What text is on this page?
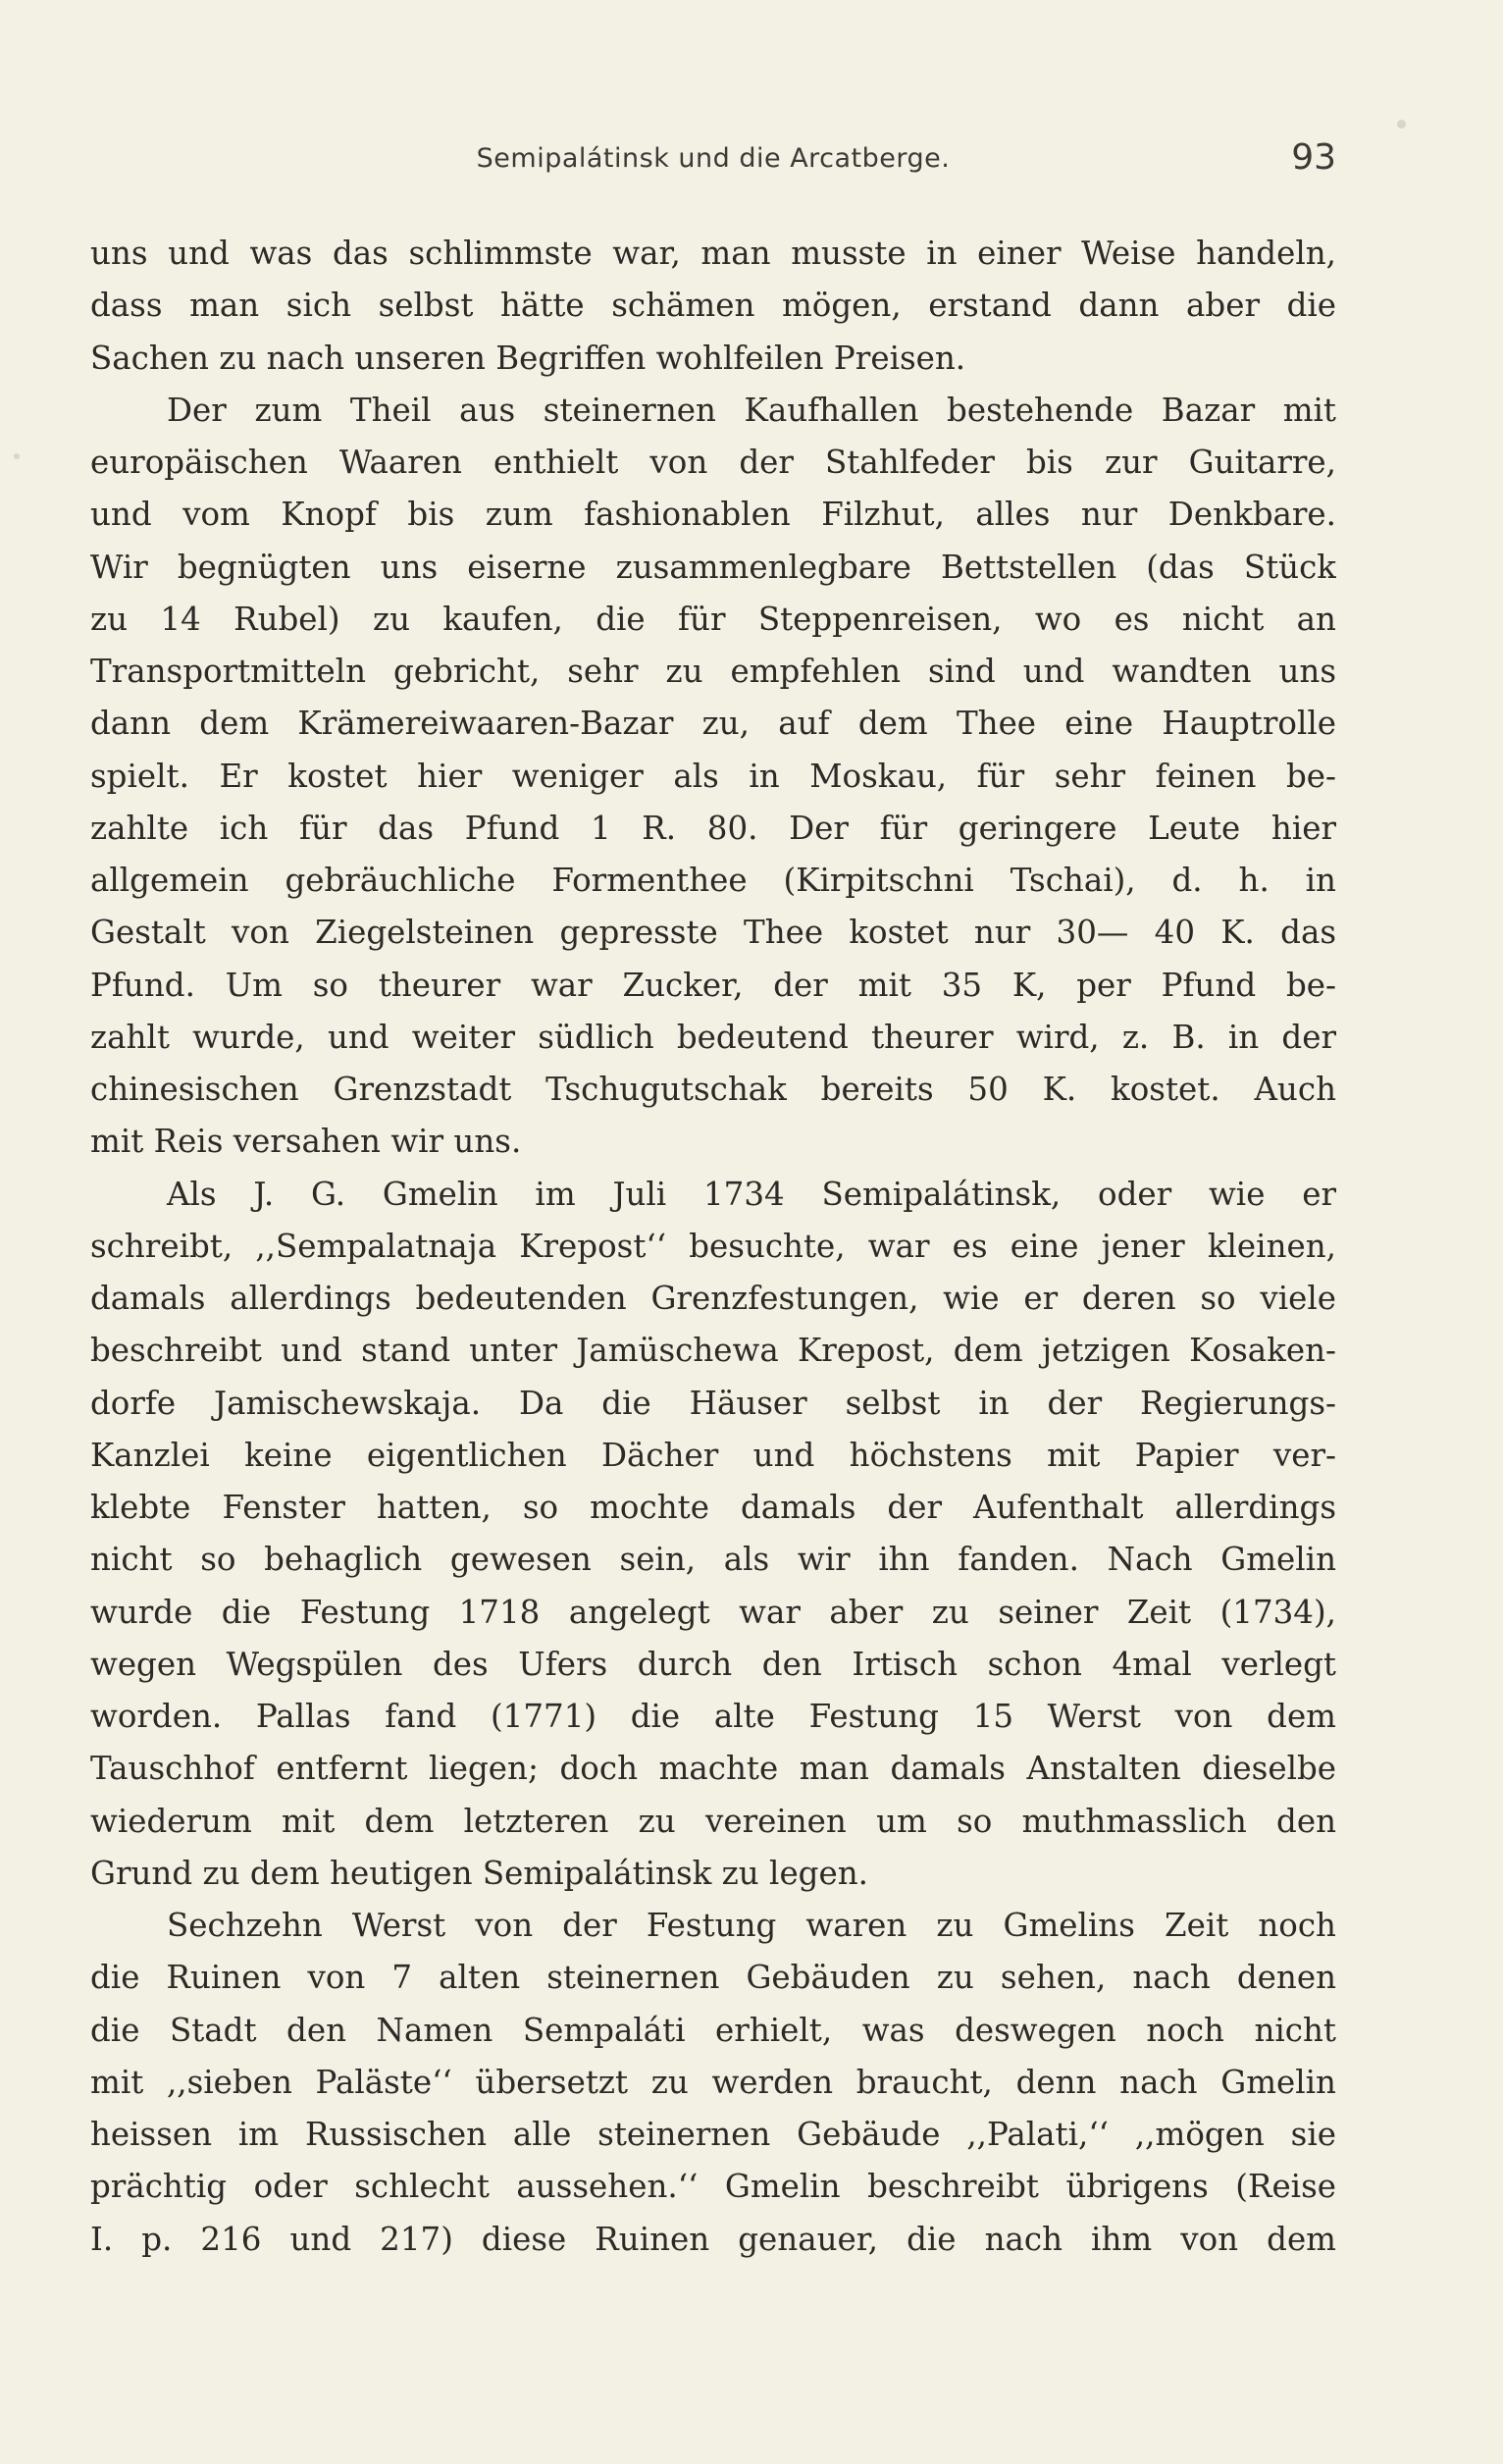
Semipalátinsk und die Arcatberge.	93
uns und was das schlimmste war, man musste in einer Weise handeln,
dass man sich selbst hätte schämen mögen, erstand dann aber die
Sachen zu nach unseren Begriffen wohlfeilen Preisen.
Der zum Theil aus steinernen Kaufhallen bestehende Bazar mit
europäischen Waaren enthielt von der Stahlfeder bis zur Guitarre,
und vom Knopf bis zum fashionablen Filzhut, alles nur Denkbare.
Wir begnügten uns eiserne zusammenlegbare Bettstellen (das Stück
zu 14 Rubel) zu kaufen, die für Steppenreisen, wo es nicht an
Transportmitteln gebricht, sehr zu empfehlen sind und wandten uns
dann dem Krämereiwaaren-Bazar zu, auf dem Thee eine Hauptrolle
spielt. Er kostet hier weniger als in Moskau, für sehr feinen be-
zahlte ich für das Pfund 1 R. 80. Der für geringere Leute hier
allgemein gebräuchliche Formenthee (Kirpitschni Tschai), d. h. in
Gestalt von Ziegelsteinen gepresste Thee kostet nur 30— 40 K. das
Pfund. Um so theurer war Zucker, der mit 35 K, per Pfund be-
zahlt wurde, und weiter südlich bedeutend theurer wird, z. B. in der
chinesischen Grenzstadt Tschugutschak bereits 50 K. kostet. Auch
mit Reis versahen wir uns.
Als J. G. Gmelin im Juli 1734 Semipalátinsk, oder wie er
schreibt, ,,Sempalatnaja Krepost‘‘ besuchte, war es eine jener kleinen,
damals allerdings bedeutenden Grenzfestungen, wie er deren so viele
beschreibt und stand unter Jamüschewa Krepost, dem jetzigen Kosaken-
dorfe Jamischewskaja. Da die Häuser selbst in der Regierungs-
Kanzlei keine eigentlichen Dächer und höchstens mit Papier ver-
klebte Fenster hatten, so mochte damals der Aufenthalt allerdings
nicht so behaglich gewesen sein, als wir ihn fanden. Nach Gmelin
wurde die Festung 1718 angelegt war aber zu seiner Zeit (1734),
wegen Wegspülen des Ufers durch den Irtisch schon 4mal verlegt
worden. Pallas fand (1771) die alte Festung 15 Werst von dem
Tauschhof entfernt liegen; doch machte man damals Anstalten dieselbe
wiederum mit dem letzteren zu vereinen um so muthmasslich den
Grund zu dem heutigen Semipalátinsk zu legen.
Sechzehn Werst von der Festung waren zu Gmelins Zeit noch
die Ruinen von 7 alten steinernen Gebäuden zu sehen, nach denen
die Stadt den Namen Sempaláti erhielt, was deswegen noch nicht
mit ,,sieben Paläste‘‘ übersetzt zu werden braucht, denn nach Gmelin
heissen im Russischen alle steinernen Gebäude ,,Palati,‘‘ ,,mögen sie
prächtig oder schlecht aussehen.‘‘ Gmelin beschreibt übrigens (Reise
I. p. 216 und 217) diese Ruinen genauer, die nach ihm von dem
